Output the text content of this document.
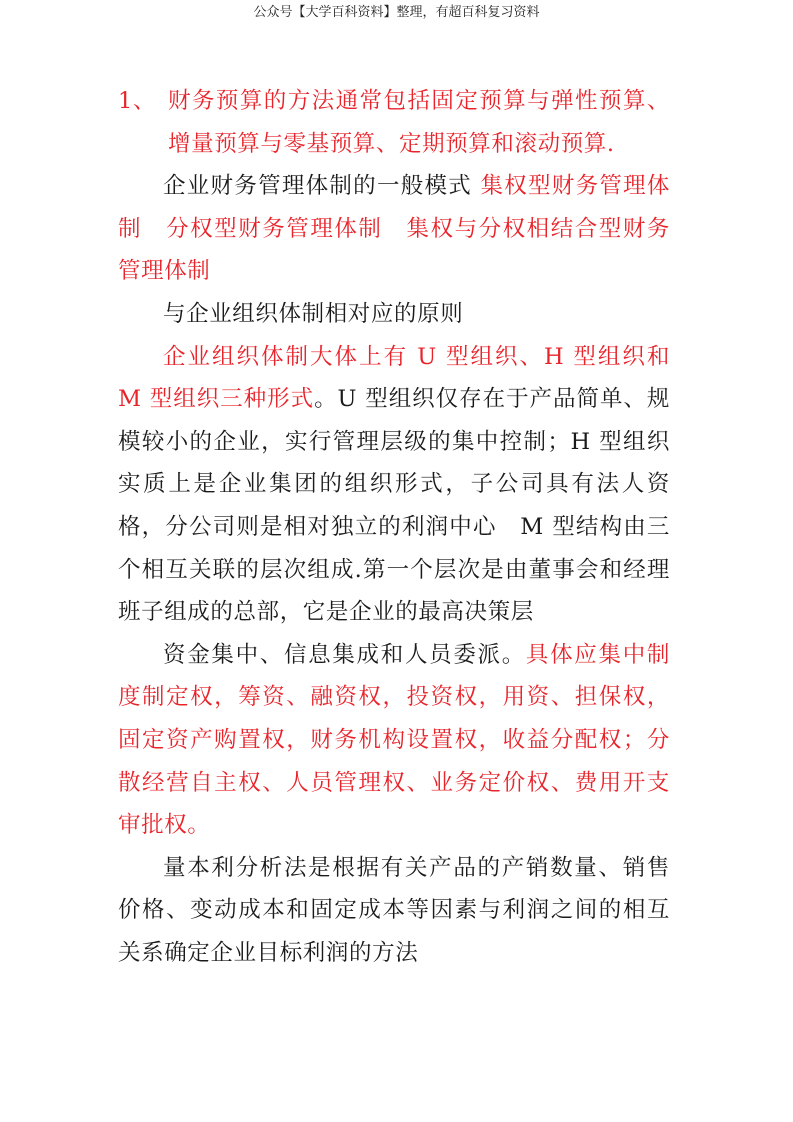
公众号【大学百科资料】整理，有超百科复习资料

1、 财务预算的方法通常包括固定预算与弹性预算、增量预算与零基预算、定期预算和滚动预算.

企业财务管理体制的一般模式 集权型财务管理体制　分权型财务管理体制　集权与分权相结合型财务管理体制

与企业组织体制相对应的原则

企业组织体制大体上有 U 型组织、H 型组织和 M 型组织三种形式。U 型组织仅存在于产品简单、规模较小的企业，实行管理层级的集中控制；H 型组织实质上是企业集团的组织形式，子公司具有法人资格，分公司则是相对独立的利润中心　M 型结构由三个相互关联的层次组成.第一个层次是由董事会和经理班子组成的总部，它是企业的最高决策层

资金集中、信息集成和人员委派。具体应集中制度制定权，筹资、融资权，投资权，用资、担保权，固定资产购置权，财务机构设置权，收益分配权；分散经营自主权、人员管理权、业务定价权、费用开支审批权。

量本利分析法是根据有关产品的产销数量、销售价格、变动成本和固定成本等因素与利润之间的相互关系确定企业目标利润的方法
